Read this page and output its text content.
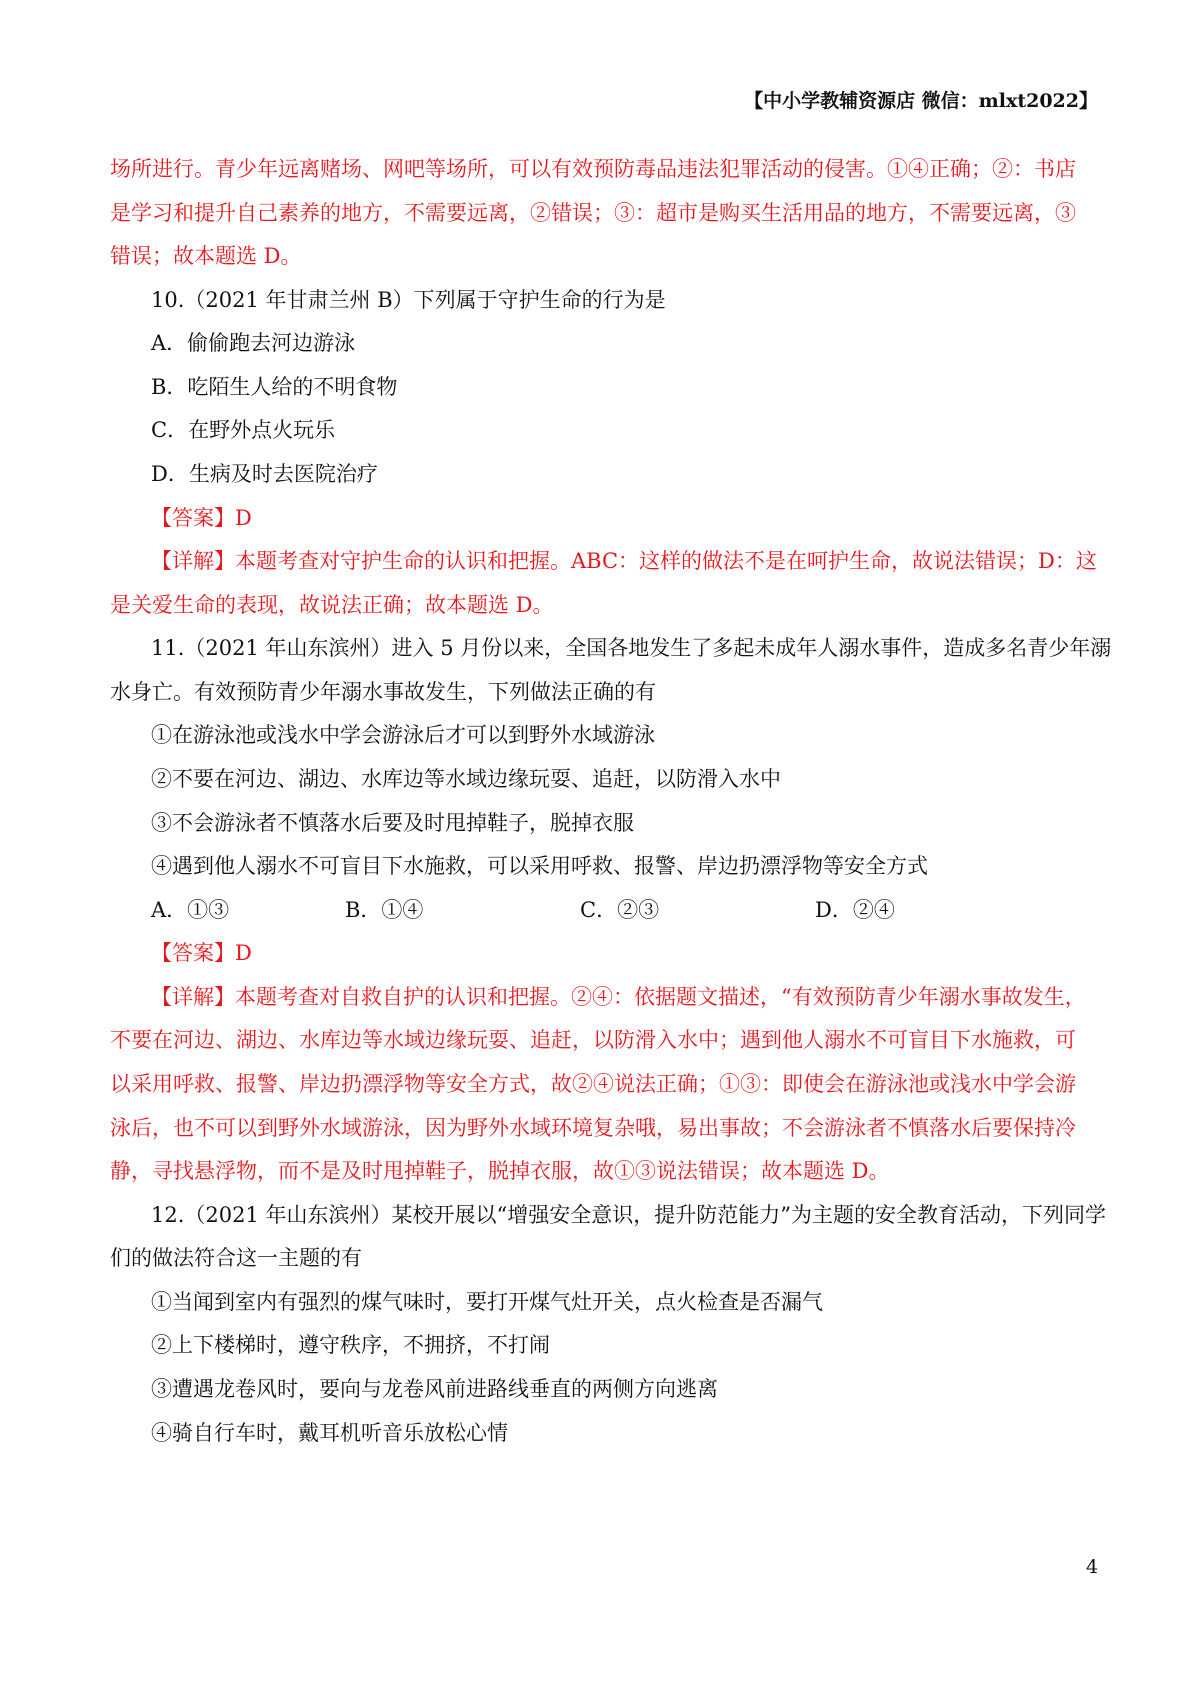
【中小学教辅资源店 微信：mlxt2022】
场所进行。青少年远离赌场、网吧等场所，可以有效预防毒品违法犯罪活动的侵害。①④正确；②：书店
是学习和提升自己素养的地方，不需要远离，②错误；③：超市是购买生活用品的地方，不需要远离，③
错误；故本题选 D。
10.（2021 年甘肃兰州 B）下列属于守护生命的行为是
A．偷偷跑去河边游泳
B．吃陌生人给的不明食物
C．在野外点火玩乐
D．生病及时去医院治疗
【答案】D
【详解】本题考查对守护生命的认识和把握。ABC：这样的做法不是在呵护生命，故说法错误；D：这
是关爱生命的表现，故说法正确；故本题选 D。
11.（2021 年山东滨州）进入 5 月份以来，全国各地发生了多起未成年人溺水事件，造成多名青少年溺
水身亡。有效预防青少年溺水事故发生，下列做法正确的有
①在游泳池或浅水中学会游泳后才可以到野外水域游泳
②不要在河边、湖边、水库边等水域边缘玩耍、追赶，以防滑入水中
③不会游泳者不慎落水后要及时甩掉鞋子，脱掉衣服
④遇到他人溺水不可盲目下水施救，可以采用呼救、报警、岸边扔漂浮物等安全方式
A．①③	B．①④	C．②③	D．②④
【答案】D
【详解】本题考查对自救自护的认识和把握。②④：依据题文描述，“有效预防青少年溺水事故发生，
不要在河边、湖边、水库边等水域边缘玩耍、追赶，以防滑入水中；遇到他人溺水不可盲目下水施救，可
以采用呼救、报警、岸边扔漂浮物等安全方式，故②④说法正确；①③：即使会在游泳池或浅水中学会游
泳后，也不可以到野外水域游泳，因为野外水域环境复杂哦，易出事故；不会游泳者不慎落水后要保持冷
静，寻找悬浮物，而不是及时甩掉鞋子，脱掉衣服，故①③说法错误；故本题选 D。
12.（2021 年山东滨州）某校开展以“增强安全意识，提升防范能力”为主题的安全教育活动，下列同学
们的做法符合这一主题的有
①当闻到室内有强烈的煤气味时，要打开煤气灶开关，点火检查是否漏气
②上下楼梯时，遵守秩序，不拥挤，不打闹
③遭遇龙卷风时，要向与龙卷风前进路线垂直的两侧方向逃离
④骑自行车时，戴耳机听音乐放松心情
4
